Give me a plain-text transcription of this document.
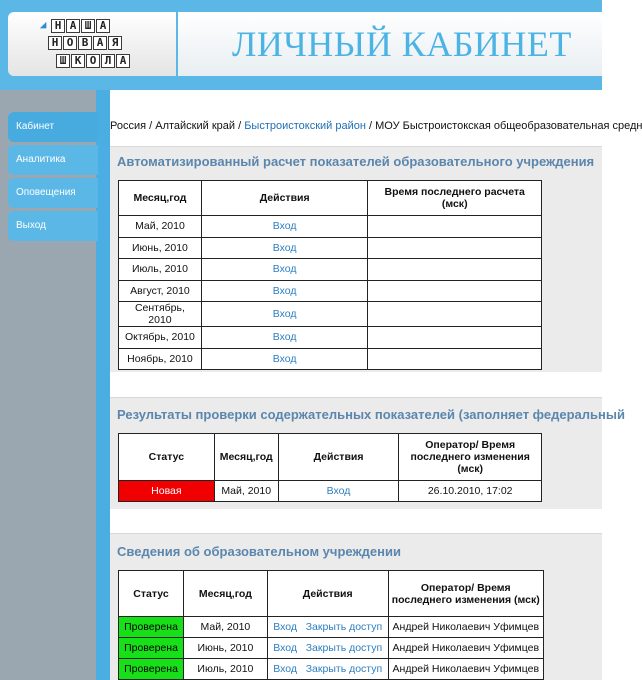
◢ Н А Ш А
Н О В А Я
Ш К О Л А	ЛИЧНЫЙ КАБИНЕТ
Кабинет
Аналитика
Оповещения
Выход
Россия / Алтайский край / Быстроистокский район / МОУ Быстроистокская общеобразовательная средн
Автоматизированный расчет показателей образовательного учреждения
Месяц,год	Действия	Время последнего расчета (мск)
Май, 2010	Вход	
Июнь, 2010	Вход	
Июль, 2010	Вход	
Август, 2010	Вход	
Сентябрь, 2010	Вход	
Октябрь, 2010	Вход	
Ноябрь, 2010	Вход	
Результаты проверки содержательных показателей (заполняет федеральный
Статус	Месяц,год	Действия	Оператор/ Время последнего изменения (мск)
Новая	Май, 2010	Вход	26.10.2010, 17:02
Сведения об образовательном учреждении
Статус	Месяц,год	Действия	Оператор/ Время последнего изменения (мск)
Проверена	Май, 2010	Вход Закрыть доступ	Андрей Николаевич Уфимцев
Проверена	Июнь, 2010	Вход Закрыть доступ	Андрей Николаевич Уфимцев
Проверена	Июль, 2010	Вход Закрыть доступ	Андрей Николаевич Уфимцев
